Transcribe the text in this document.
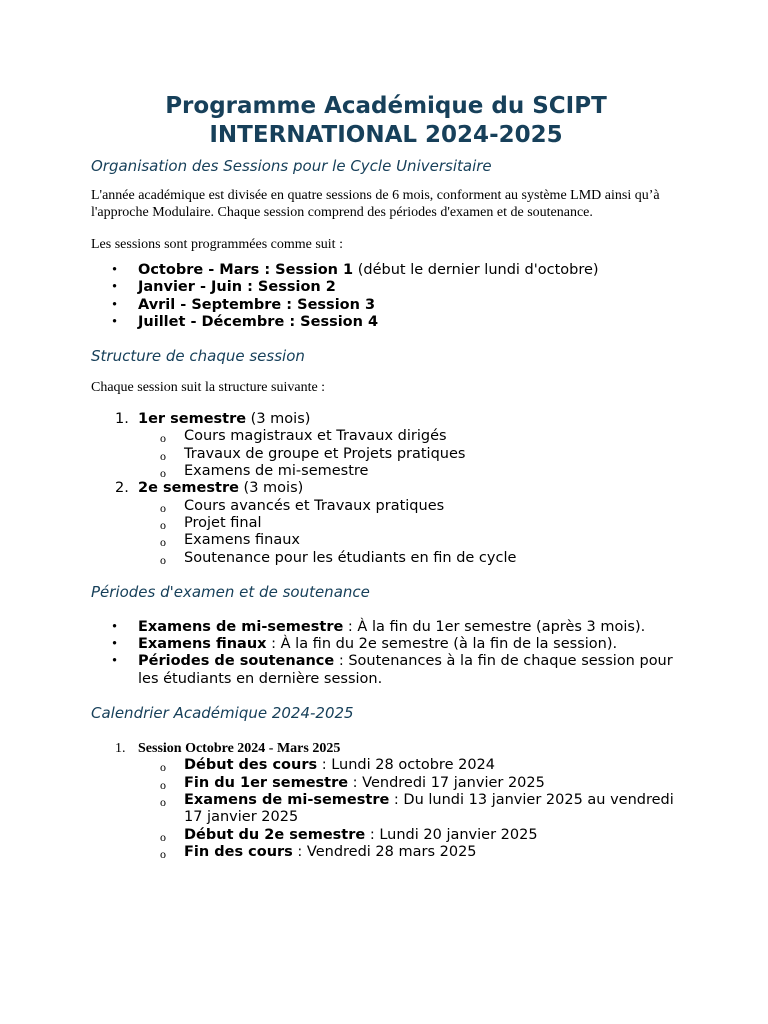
Programme Académique du SCIPT INTERNATIONAL 2024-2025
Organisation des Sessions pour le Cycle Universitaire

L'année académique est divisée en quatre sessions de 6 mois, conforment au système LMD ainsi qu’à l'approche Modulaire. Chaque session comprend des périodes d'examen et de soutenance.

Les sessions sont programmées comme suit :

• Octobre - Mars : Session 1 (début le dernier lundi d'octobre)
• Janvier - Juin : Session 2
• Avril - Septembre : Session 3
• Juillet - Décembre : Session 4
Structure de chaque session

Chaque session suit la structure suivante :

1. 1er semestre (3 mois)
o Cours magistraux et Travaux dirigés
o Travaux de groupe et Projets pratiques
o Examens de mi-semestre
2. 2e semestre (3 mois)
o Cours avancés et Travaux pratiques
o Projet final
o Examens finaux
o Soutenance pour les étudiants en fin de cycle
Périodes d'examen et de soutenance
• Examens de mi-semestre : À la fin du 1er semestre (après 3 mois).
• Examens finaux : À la fin du 2e semestre (à la fin de la session).
• Périodes de soutenance : Soutenances à la fin de chaque session pour les étudiants en dernière session.
Calendrier Académique 2024-2025
1. Session Octobre 2024 - Mars 2025
o Début des cours : Lundi 28 octobre 2024
o Fin du 1er semestre : Vendredi 17 janvier 2025
o Examens de mi-semestre : Du lundi 13 janvier 2025 au vendredi 17 janvier 2025
o Début du 2e semestre : Lundi 20 janvier 2025
o Fin des cours : Vendredi 28 mars 2025
